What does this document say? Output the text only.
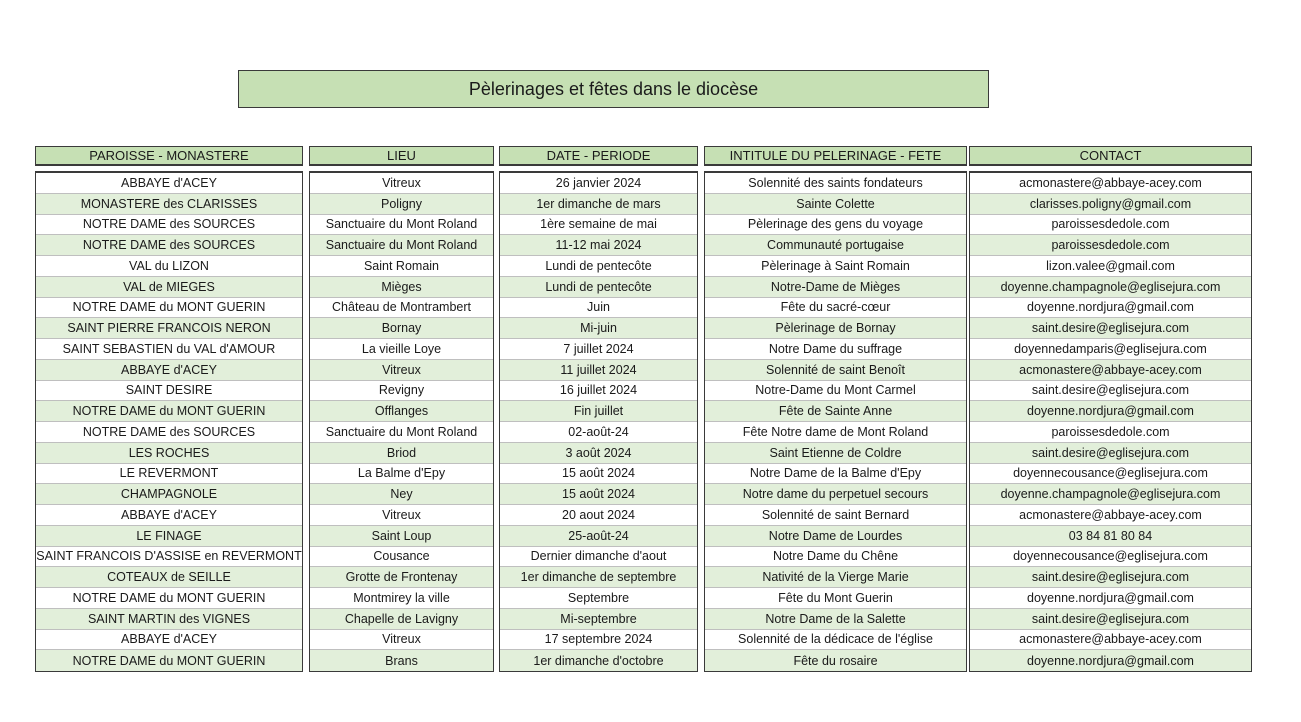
Pèlerinages et fêtes dans le diocèse
PAROISSE - MONASTERE
ABBAYE d'ACEY
MONASTERE des CLARISSES
NOTRE DAME des SOURCES
NOTRE DAME des SOURCES
VAL du LIZON
VAL de MIEGES
NOTRE DAME du MONT GUERIN
SAINT PIERRE FRANCOIS NERON
SAINT SEBASTIEN du VAL d'AMOUR
ABBAYE d'ACEY
SAINT DESIRE
NOTRE DAME du MONT GUERIN
NOTRE DAME des SOURCES
LES ROCHES
LE REVERMONT
CHAMPAGNOLE
ABBAYE d'ACEY
LE FINAGE
SAINT FRANCOIS D'ASSISE en REVERMONT
COTEAUX de SEILLE
NOTRE DAME du MONT GUERIN
SAINT MARTIN des VIGNES
ABBAYE d'ACEY
NOTRE DAME du MONT GUERIN
LIEU
Vitreux
Poligny
Sanctuaire du Mont Roland
Sanctuaire du Mont Roland
Saint Romain
Mièges
Château de Montrambert
Bornay
La vieille Loye
Vitreux
Revigny
Offlanges
Sanctuaire du Mont Roland
Briod
La Balme d'Epy
Ney
Vitreux
Saint Loup
Cousance
Grotte de Frontenay
Montmirey la ville
Chapelle de Lavigny
Vitreux
Brans
DATE - PERIODE
26 janvier 2024
1er dimanche de mars
1ère semaine de mai
11-12 mai 2024
Lundi de pentecôte
Lundi de pentecôte
Juin
Mi-juin
7 juillet 2024
11 juillet 2024
16 juillet 2024
Fin juillet
02-août-24
3 août 2024
15 août 2024
15 août 2024
20 aout 2024
25-août-24
Dernier dimanche d'aout
1er dimanche de septembre
Septembre
Mi-septembre
17 septembre 2024
1er dimanche d'octobre
INTITULE DU PELERINAGE - FETE
Solennité des saints fondateurs
Sainte Colette
Pèlerinage des gens du voyage
Communauté portugaise
Pèlerinage à Saint Romain
Notre-Dame de Mièges
Fête du sacré-cœur
Pèlerinage de Bornay
Notre Dame du suffrage
Solennité de saint Benoît
Notre-Dame du Mont Carmel
Fête de Sainte Anne
Fête Notre dame de Mont Roland
Saint Etienne de Coldre
Notre Dame de la Balme d'Epy
Notre dame du perpetuel secours
Solennité de saint Bernard
Notre Dame de Lourdes
Notre Dame du Chêne
Nativité de la Vierge Marie
Fête du Mont Guerin
Notre Dame de la Salette
Solennité de la dédicace de l'église
Fête du rosaire
CONTACT
acmonastere@abbaye-acey.com
clarisses.poligny@gmail.com
paroissesdedole.com
paroissesdedole.com
lizon.valee@gmail.com
doyenne.champagnole@eglisejura.com
doyenne.nordjura@gmail.com
saint.desire@eglisejura.com
doyennedamparis@eglisejura.com
acmonastere@abbaye-acey.com
saint.desire@eglisejura.com
doyenne.nordjura@gmail.com
paroissesdedole.com
saint.desire@eglisejura.com
doyennecousance@eglisejura.com
doyenne.champagnole@eglisejura.com
acmonastere@abbaye-acey.com
03 84 81 80 84
doyennecousance@eglisejura.com
saint.desire@eglisejura.com
doyenne.nordjura@gmail.com
saint.desire@eglisejura.com
acmonastere@abbaye-acey.com
doyenne.nordjura@gmail.com
